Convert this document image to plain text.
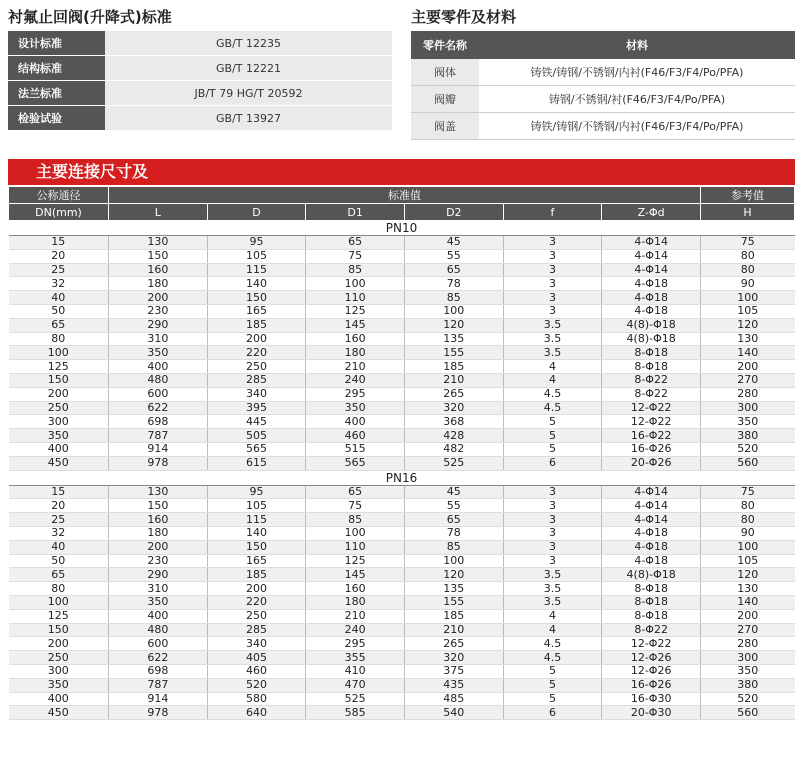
衬氟止回阀(升降式)标准	主要零件及材料
设计标准	GB/T 12235
结构标准	GB/T 12221
法兰标准	JB/T 79 HG/T 20592
检验试验	GB/T 13927
零件名称	材料
阀体	铸铁/铸钢/不锈钢/内衬(F46/F3/F4/Po/PFA)
阀瓣	铸钢/不锈钢/衬(F46/F3/F4/Po/PFA)
阀盖	铸铁/铸钢/不锈钢/内衬(F46/F3/F4/Po/PFA)
主要连接尺寸及
公称通径	标准值						参考值
DN(mm)	L	D	D1	D2	f	Z-Φd	H
PN10							
15	130	95	65	45	3	4-Φ14	75
20	150	105	75	55	3	4-Φ14	80
25	160	115	85	65	3	4-Φ14	80
32	180	140	100	78	3	4-Φ18	90
40	200	150	110	85	3	4-Φ18	100
50	230	165	125	100	3	4-Φ18	105
65	290	185	145	120	3.5	4(8)-Φ18	120
80	310	200	160	135	3.5	4(8)-Φ18	130
100	350	220	180	155	3.5	8-Φ18	140
125	400	250	210	185	4	8-Φ18	200
150	480	285	240	210	4	8-Φ22	270
200	600	340	295	265	4.5	8-Φ22	280
250	622	395	350	320	4.5	12-Φ22	300
300	698	445	400	368	5	12-Φ22	350
350	787	505	460	428	5	16-Φ22	380
400	914	565	515	482	5	16-Φ26	520
450	978	615	565	525	6	20-Φ26	560
PN16							
15	130	95	65	45	3	4-Φ14	75
20	150	105	75	55	3	4-Φ14	80
25	160	115	85	65	3	4-Φ14	80
32	180	140	100	78	3	4-Φ18	90
40	200	150	110	85	3	4-Φ18	100
50	230	165	125	100	3	4-Φ18	105
65	290	185	145	120	3.5	4(8)-Φ18	120
80	310	200	160	135	3.5	8-Φ18	130
100	350	220	180	155	3.5	8-Φ18	140
125	400	250	210	185	4	8-Φ18	200
150	480	285	240	210	4	8-Φ22	270
200	600	340	295	265	4.5	12-Φ22	280
250	622	405	355	320	4.5	12-Φ26	300
300	698	460	410	375	5	12-Φ26	350
350	787	520	470	435	5	16-Φ26	380
400	914	580	525	485	5	16-Φ30	520
450	978	640	585	540	6	20-Φ30	560
